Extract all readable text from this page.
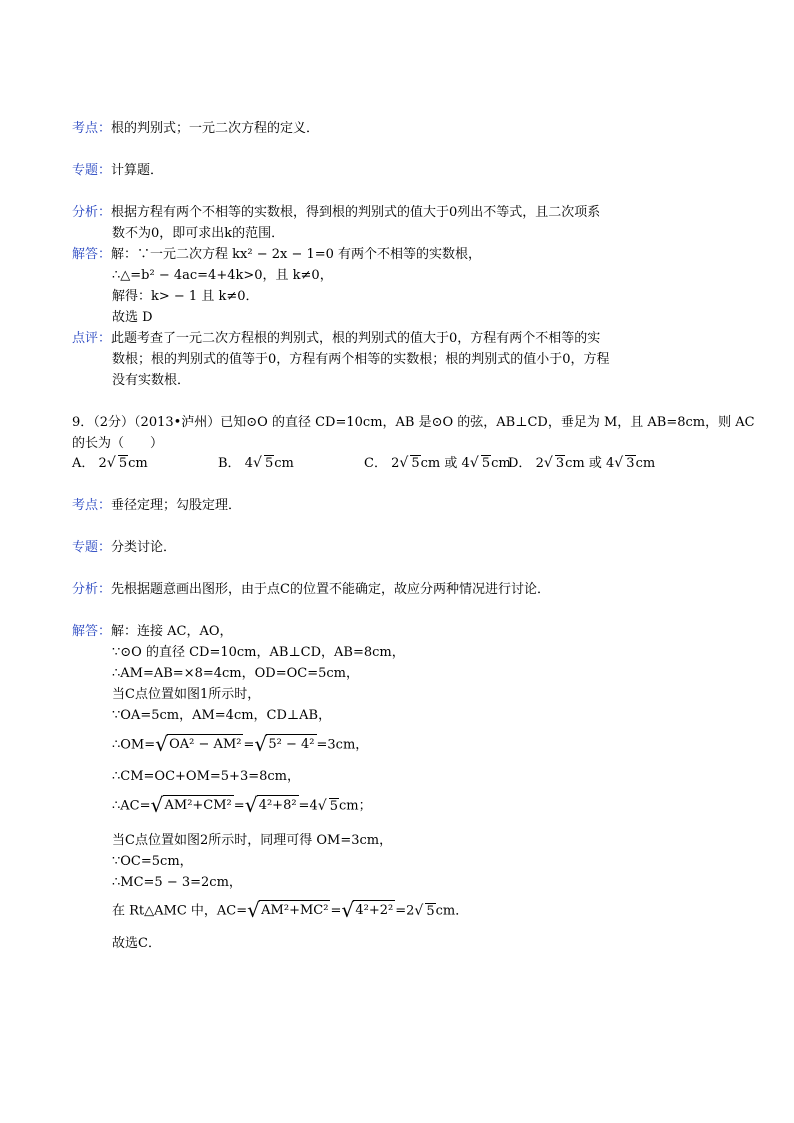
考点：根的判别式；一元二次方程的定义．
专题：计算题．
分析：根据方程有两个不相等的实数根，得到根的判别式的值大于0列出不等式，且二次项系
数不为0，即可求出k的范围．
解答：解：∵一元二次方程 kx² − 2x − 1=0 有两个不相等的实数根，
∴△=b² − 4ac=4+4k>0，且 k≠0，
解得：k> − 1 且 k≠0．
故选 D
点评：此题考查了一元二次方程根的判别式，根的判别式的值大于0，方程有两个不相等的实
数根；根的判别式的值等于0，方程有两个相等的实数根；根的判别式的值小于0，方程
没有实数根．
9．（2分）（2013•泸州）已知⊙O 的直径 CD=10cm，AB 是⊙O 的弦，AB⊥CD，垂足为 M，且 AB=8cm，则 AC
的长为（　　）
A． 2 √ 5cm	B． 4 √ 5cm	C． 2 √ 5cm 或 4 √ 5cm
D． 2 √ 3cm 或 4 √ 3cm
考点：垂径定理；勾股定理．
专题：分类讨论．
分析：先根据题意画出图形，由于点C的位置不能确定，故应分两种情况进行讨论．
解答：解：连接 AC，AO，
∵⊙O 的直径 CD=10cm，AB⊥CD，AB=8cm，
∴AM=AB=×8=4cm，OD=OC=5cm，
当C点位置如图1所示时，
∵OA=5cm，AM=4cm，CD⊥AB，
∴OM= √ OA² − AM² = √ 5² − 4² =3cm，
∴CM=OC+OM=5+3=8cm，
∴AC= √ AM²+CM² = √ 4²+8² =4 √ 5cm；
当C点位置如图2所示时，同理可得 OM=3cm，
∵OC=5cm，
∴MC=5 − 3=2cm，
在 Rt△AMC 中，AC= √ AM²+MC² = √ 4²+2² =2 √ 5cm．
故选C．
